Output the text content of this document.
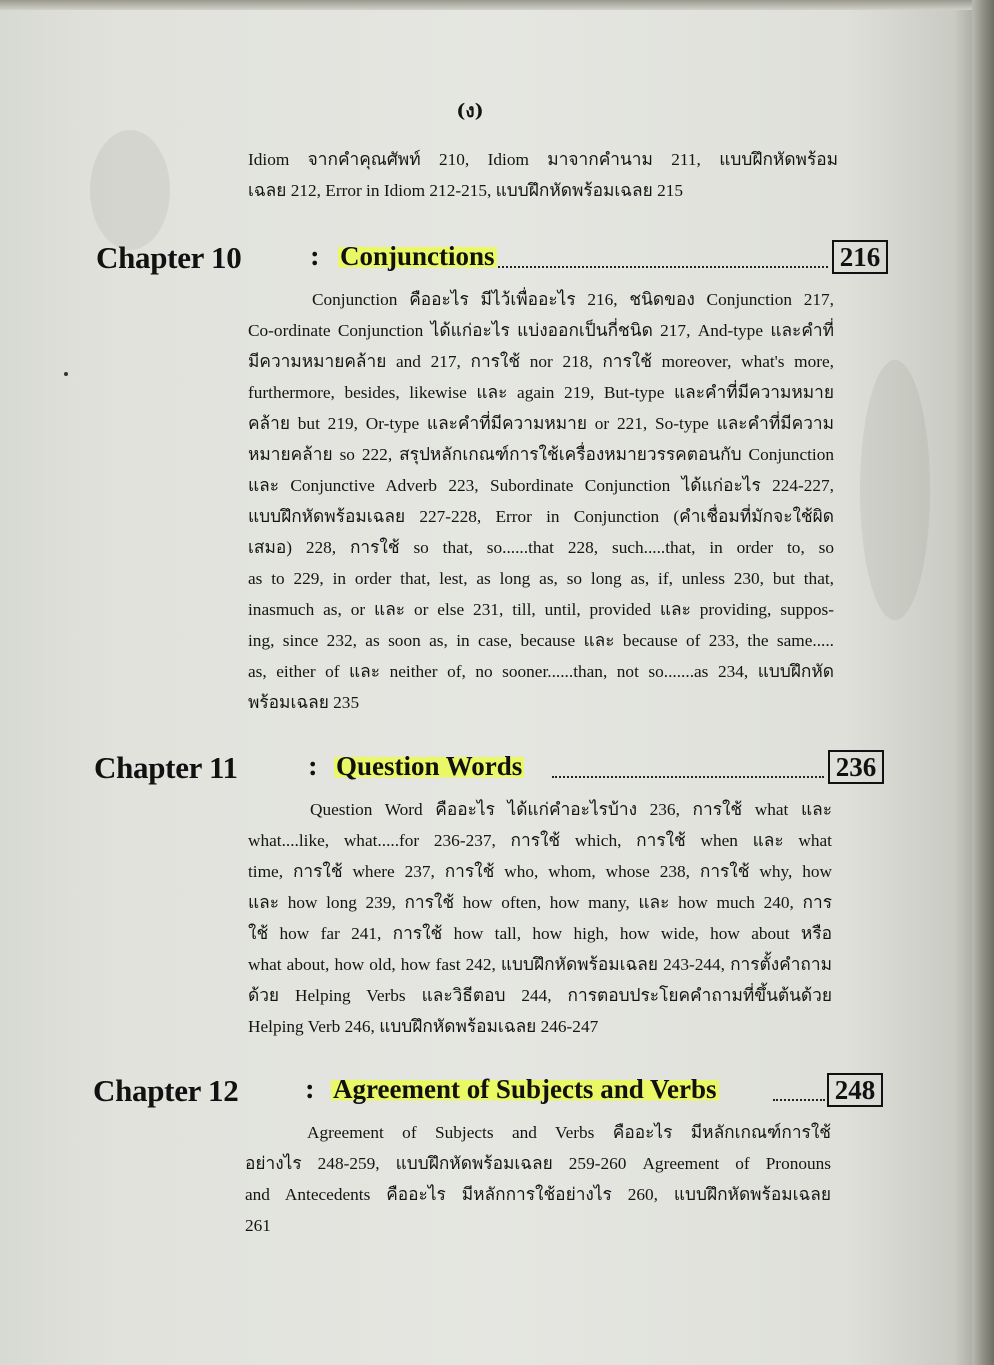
(ง)
Idiom จากคำคุณศัพท์ 210, Idiom มาจากคำนาม 211, แบบฝึกหัดพร้อม
เฉลย 212, Error in Idiom 212-215, แบบฝึกหัดพร้อมเฉลย 215
Chapter 10 : Conjunctions	216
Conjunction คืออะไร มีไว้เพื่ออะไร 216, ชนิดของ Conjunction 217,
Co-ordinate Conjunction ได้แก่อะไร แบ่งออกเป็นกี่ชนิด 217, And-type และคำที่
มีความหมายคล้าย and 217, การใช้ nor 218, การใช้ moreover, what's more,
furthermore, besides, likewise และ again 219, But-type และคำที่มีความหมาย
คล้าย but 219, Or-type และคำที่มีความหมาย or 221, So-type และคำที่มีความ
หมายคล้าย so 222, สรุปหลักเกณฑ์การใช้เครื่องหมายวรรคตอนกับ Conjunction
และ Conjunctive Adverb 223, Subordinate Conjunction ได้แก่อะไร 224-227,
แบบฝึกหัดพร้อมเฉลย 227-228, Error in Conjunction (คำเชื่อมที่มักจะใช้ผิด
เสมอ) 228, การใช้ so that, so......that 228, such.....that, in order to, so
as to 229, in order that, lest, as long as, so long as, if, unless 230, but that,
inasmuch as, or และ or else 231, till, until, provided และ providing, suppos-
ing, since 232, as soon as, in case, because และ because of 233, the same.....
as, either of และ neither of, no sooner......than, not so.......as 234, แบบฝึกหัด
พร้อมเฉลย 235
Chapter 11 : Question Words	236
Question Word คืออะไร ได้แก่คำอะไรบ้าง 236, การใช้ what และ
what....like, what.....for 236-237, การใช้ which, การใช้ when และ what
time, การใช้ where 237, การใช้ who, whom, whose 238, การใช้ why, how
และ how long 239, การใช้ how often, how many, และ how much 240, การ
ใช้ how far 241, การใช้ how tall, how high, how wide, how about หรือ
what about, how old, how fast 242, แบบฝึกหัดพร้อมเฉลย 243-244, การตั้งคำถาม
ด้วย Helping Verbs และวิธีตอบ 244, การตอบประโยคคำถามที่ขึ้นต้นด้วย
Helping Verb 246, แบบฝึกหัดพร้อมเฉลย 246-247
Chapter 12 : Agreement of Subjects and Verbs	248
Agreement of Subjects and Verbs คืออะไร มีหลักเกณฑ์การใช้
อย่างไร 248-259, แบบฝึกหัดพร้อมเฉลย 259-260 Agreement of Pronouns
and Antecedents คืออะไร มีหลักการใช้อย่างไร 260, แบบฝึกหัดพร้อมเฉลย
261
